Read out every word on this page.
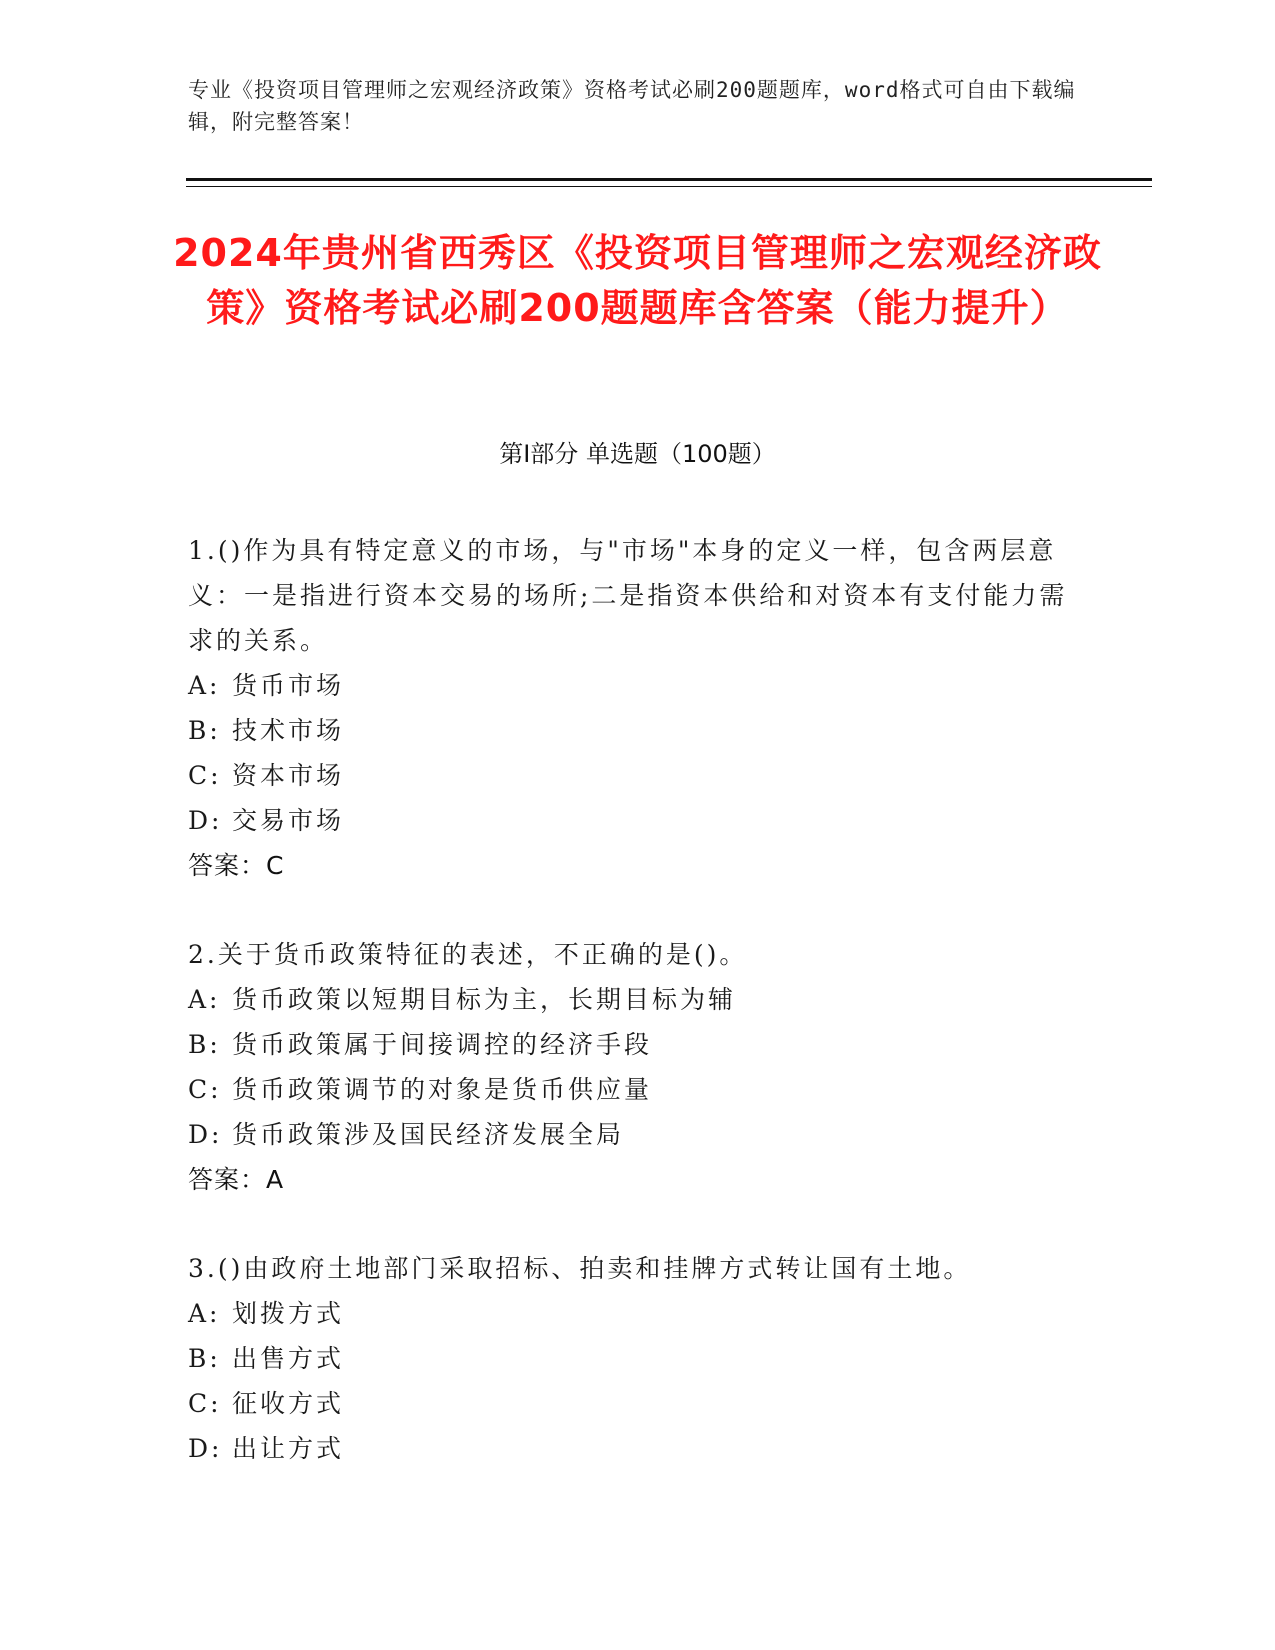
专业《投资项目管理师之宏观经济政策》资格考试必刷200题题库，word格式可自由下载编辑，附完整答案！
2024年贵州省西秀区《投资项目管理师之宏观经济政策》资格考试必刷200题题库含答案（能力提升）
第Ⅰ部分 单选题（100题）
1.()作为具有特定意义的市场，与"市场"本身的定义一样，包含两层意义：一是指进行资本交易的场所;二是指资本供给和对资本有支付能力需求的关系。
A: 货币市场
B: 技术市场
C: 资本市场
D: 交易市场
答案：C
2.关于货币政策特征的表述，不正确的是()。
A: 货币政策以短期目标为主，长期目标为辅
B: 货币政策属于间接调控的经济手段
C: 货币政策调节的对象是货币供应量
D: 货币政策涉及国民经济发展全局
答案：A
3.()由政府土地部门采取招标、拍卖和挂牌方式转让国有土地。
A: 划拨方式
B: 出售方式
C: 征收方式
D: 出让方式
